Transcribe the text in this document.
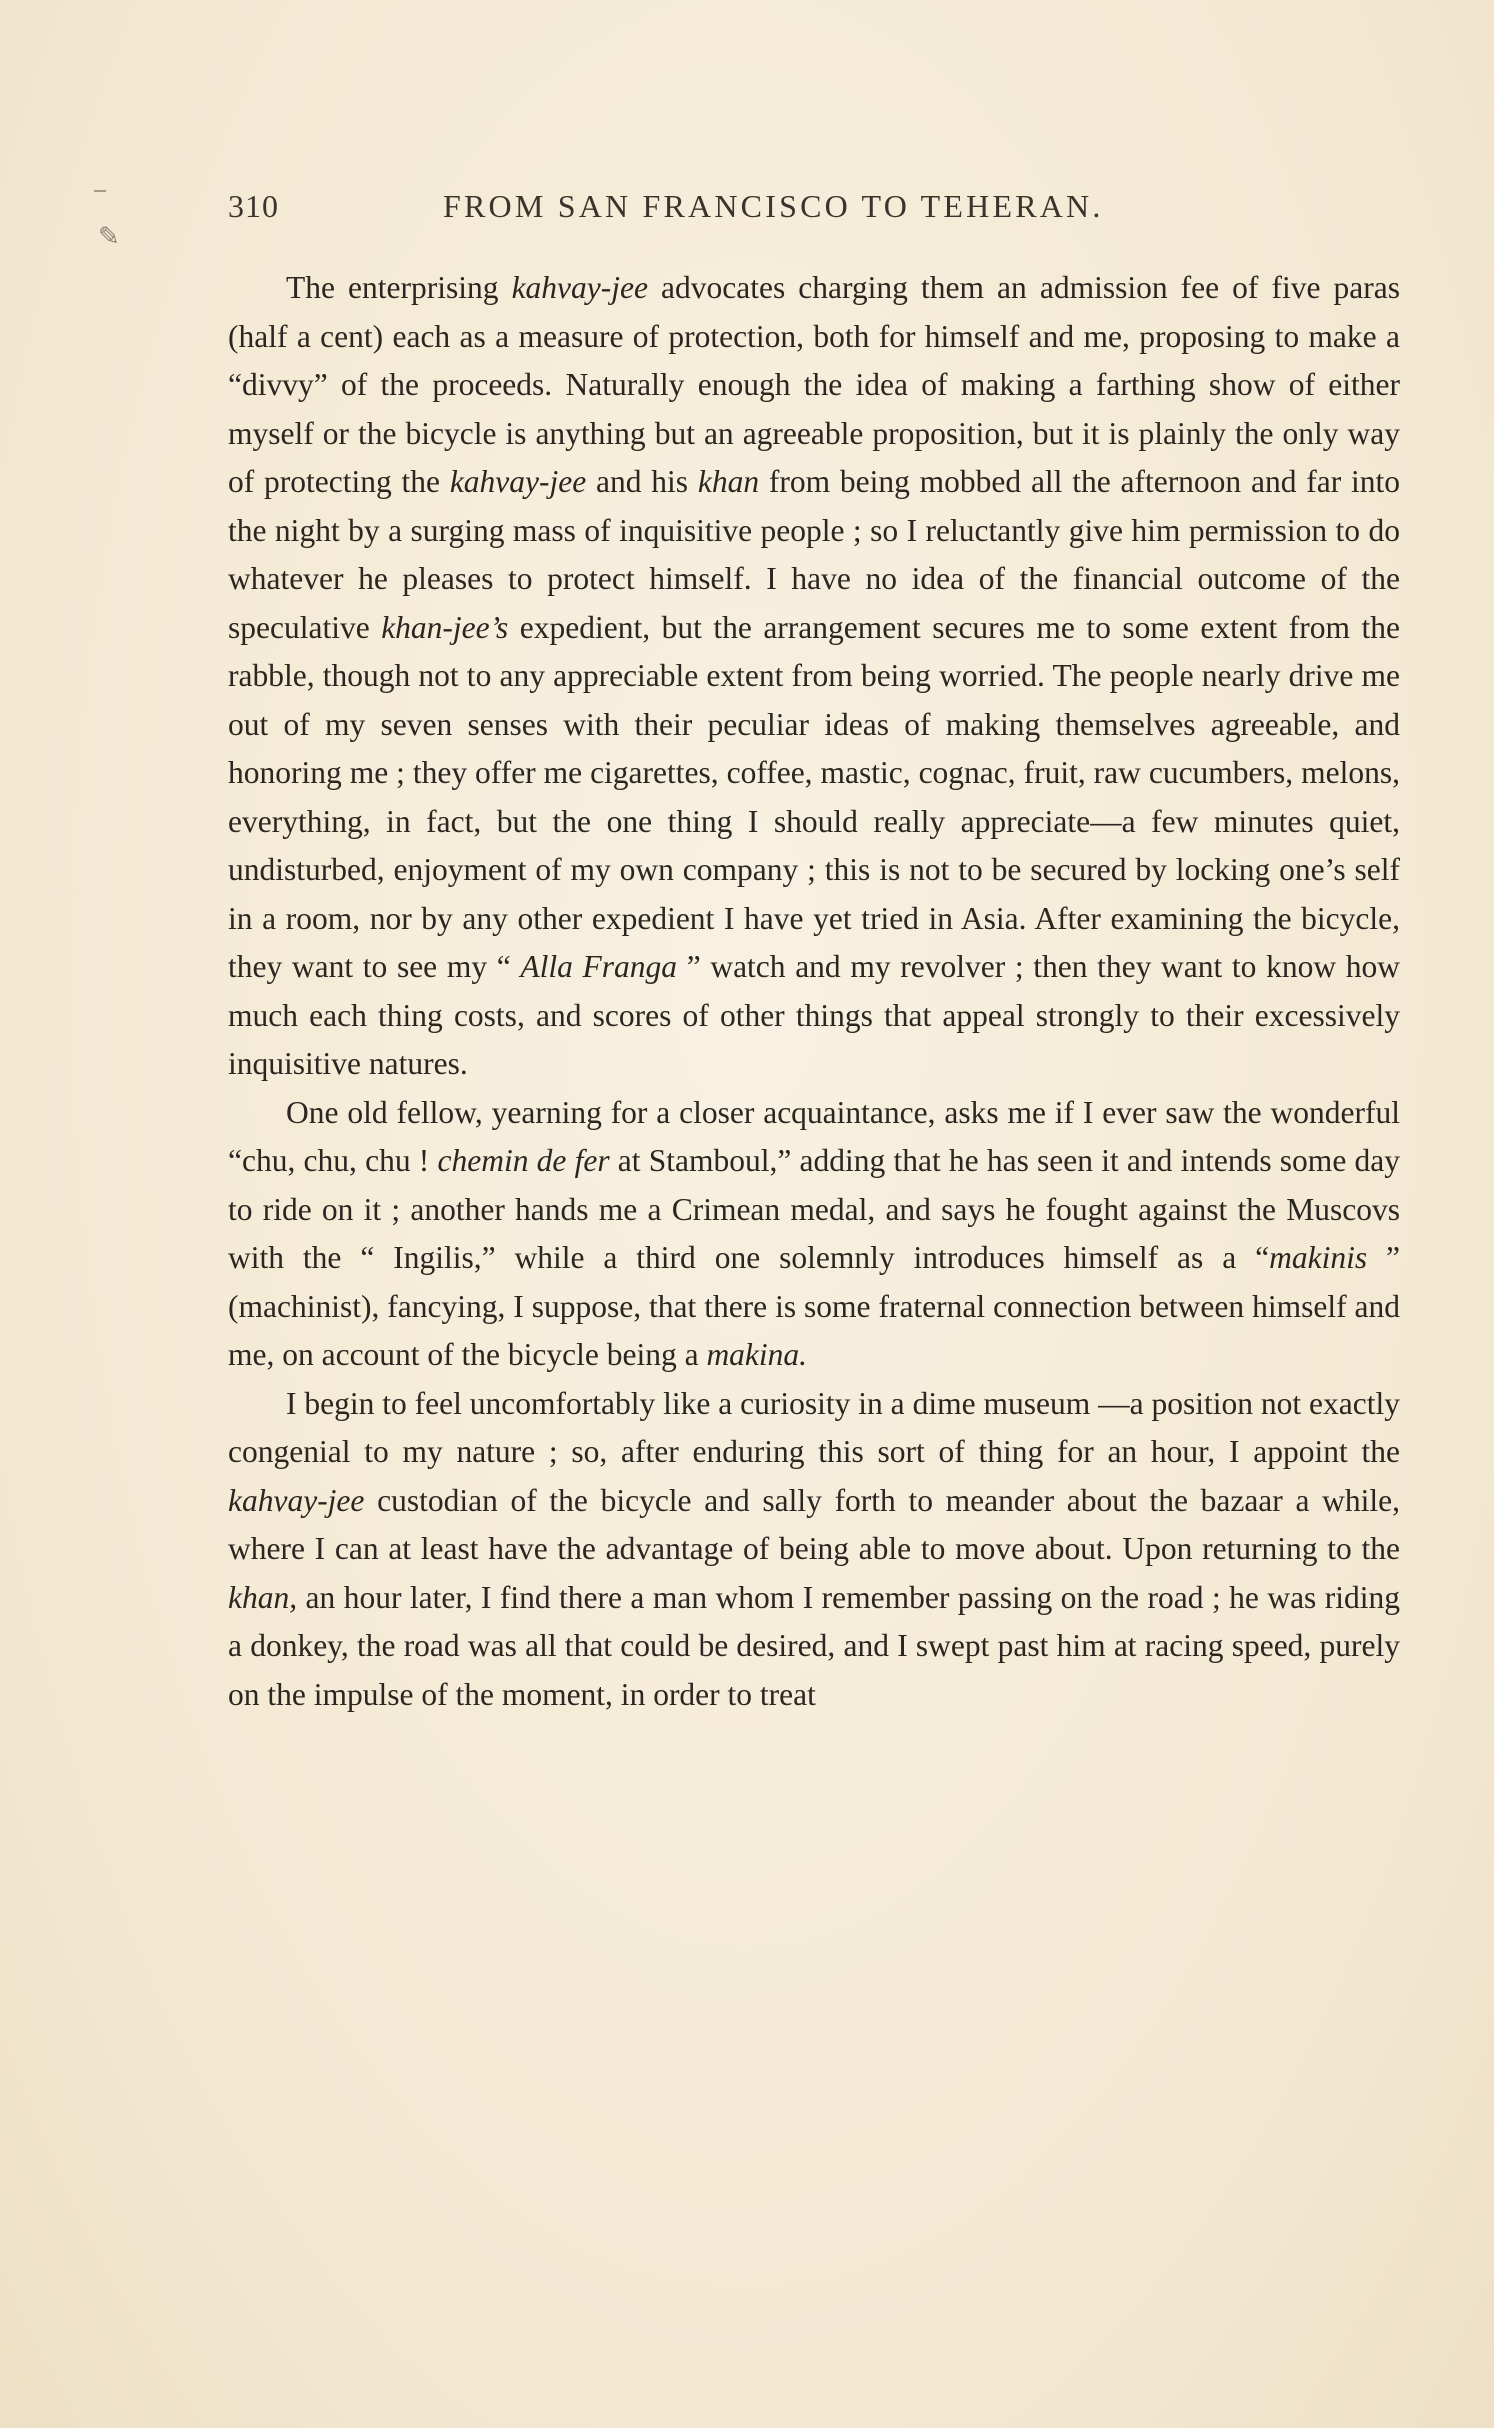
✎
310	FROM SAN FRANCISCO TO TEHERAN.

The enterprising kahvay-jee advocates charging them an admission fee of five paras (half a cent) each as a measure of protection, both for himself and me, proposing to make a “divvy” of the proceeds. Naturally enough the idea of making a farthing show of either myself or the bicycle is anything but an agreeable proposition, but it is plainly the only way of protecting the kahvay-jee and his khan from being mobbed all the afternoon and far into the night by a surging mass of inquisitive people ; so I reluctantly give him permission to do whatever he pleases to protect himself. I have no idea of the financial outcome of the speculative khan-jee’s expedient, but the arrangement secures me to some extent from the rabble, though not to any appreciable extent from being worried. The people nearly drive me out of my seven senses with their peculiar ideas of making themselves agreeable, and honoring me ; they offer me cigarettes, coffee, mastic, cognac, fruit, raw cucumbers, melons, everything, in fact, but the one thing I should really appreciate—a few minutes quiet, undisturbed, enjoyment of my own company ; this is not to be secured by locking one’s self in a room, nor by any other expedient I have yet tried in Asia. After examining the bicycle, they want to see my “ Alla Franga ” watch and my revolver ; then they want to know how much each thing costs, and scores of other things that appeal strongly to their excessively inquisitive natures.

One old fellow, yearning for a closer acquaintance, asks me if I ever saw the wonderful “chu, chu, chu ! chemin de fer at Stamboul,” adding that he has seen it and intends some day to ride on it ; another hands me a Crimean medal, and says he fought against the Muscovs with the “ Ingilis,” while a third one solemnly introduces himself as a “makinis ” (machinist), fancying, I suppose, that there is some fraternal connection between himself and me, on account of the bicycle being a makina.

I begin to feel uncomfortably like a curiosity in a dime museum —a position not exactly congenial to my nature ; so, after enduring this sort of thing for an hour, I appoint the kahvay-jee custodian of the bicycle and sally forth to meander about the bazaar a while, where I can at least have the advantage of being able to move about. Upon returning to the khan, an hour later, I find there a man whom I remember passing on the road ; he was riding a donkey, the road was all that could be desired, and I swept past him at racing speed, purely on the impulse of the moment, in order to treat
